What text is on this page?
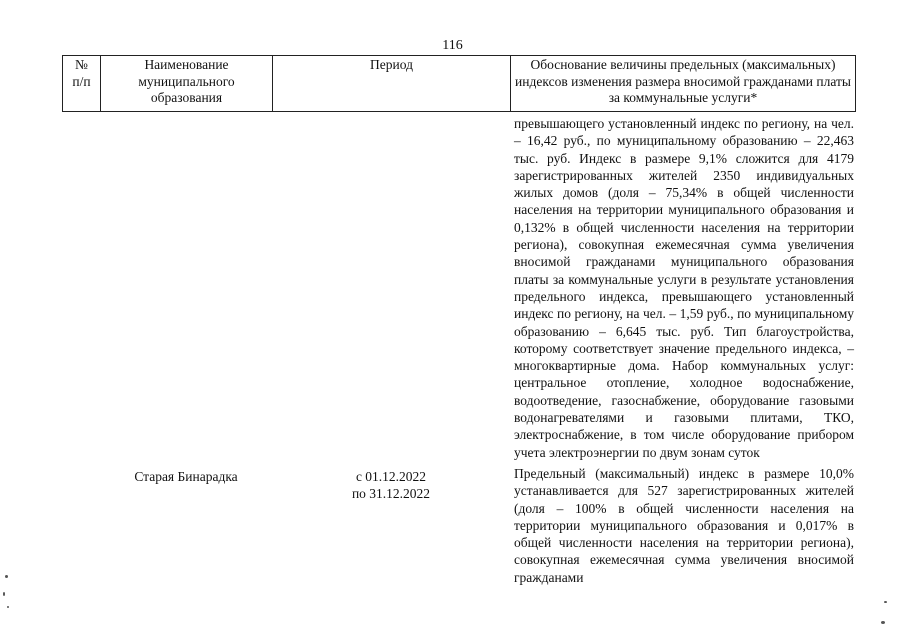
116
№
п/п
Наименование
муниципального
образования
Период	Обоснование величины предельных (максимальных)
индексов изменения размера вносимой гражданами платы
за коммунальные услуги*
превышающего установленный индекс по региону, на чел. – 16,42 руб., по муниципальному образованию – 22,463 тыс. руб. Индекс в размере 9,1% сложится для 4179 зарегистрированных жителей 2350 индивидуальных жилых домов (доля – 75,34% в общей численности населения на территории муниципального образования и 0,132% в общей численности населения на территории региона), совокупная ежемесячная сумма увеличения вносимой гражданами муниципального образования платы за коммунальные услуги в результате установления предельного индекса, превышающего установленный индекс по региону, на чел. – 1,59 руб., по муниципальному образованию – 6,645 тыс. руб. Тип благоустройства, которому соответствует значение предельного индекса, – многоквартирные дома. Набор коммунальных услуг: центральное отопление, холодное водоснабжение, водоотведение, газоснабжение, оборудование газовыми водонагревателями и газовыми плитами, ТКО, электроснабжение, в том числе оборудование прибором учета электроэнергии по двум зонам суток
Старая Бинарадка	с 01.12.2022
по 31.12.2022
Предельный (максимальный) индекс в размере 10,0% устанавливается для 527 зарегистрированных жителей (доля – 100% в общей численности населения на территории муниципального образования и 0,017% в общей численности населения на территории региона), совокупная ежемесячная сумма увеличения вносимой гражданами
